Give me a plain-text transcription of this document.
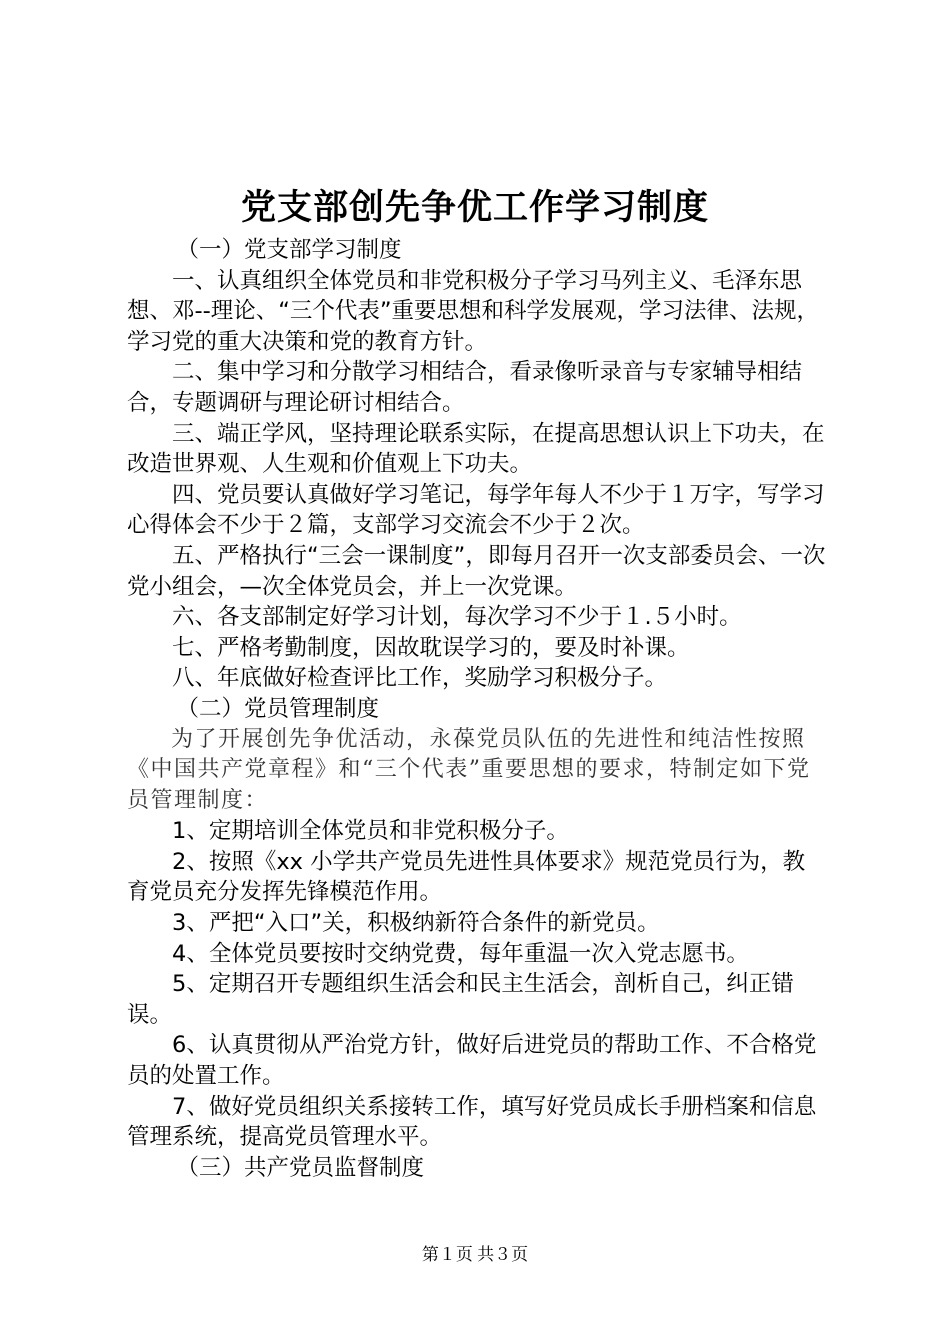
党支部创先争优工作学习制度

（一）党支部学习制度

一、认真组织全体党员和非党积极分子学习马列主义、毛泽东思想、邓--理论、“三个代表”重要思想和科学发展观，学习法律、法规，学习党的重大决策和党的教育方针。

二、集中学习和分散学习相结合，看录像听录音与专家辅导相结合，专题调研与理论研讨相结合。

三、端正学风，坚持理论联系实际，在提高思想认识上下功夫，在改造世界观、人生观和价值观上下功夫。

四、党员要认真做好学习笔记，每学年每人不少于１万字，写学习心得体会不少于２篇，支部学习交流会不少于２次。

五、严格执行“三会一课制度”，即每月召开一次支部委员会、一次党小组会，—次全体党员会，并上一次党课。

六、各支部制定好学习计划，每次学习不少于１.５小时。

七、严格考勤制度，因故耽误学习的，要及时补课。

八、年底做好检查评比工作，奖励学习积极分子。

（二）党员管理制度

为了开展创先争优活动，永葆党员队伍的先进性和纯洁性按照《中国共产党章程》和“三个代表”重要思想的要求，特制定如下党员管理制度：

1、定期培训全体党员和非党积极分子。

2、按照《xx 小学共产党员先进性具体要求》规范党员行为，教育党员充分发挥先锋模范作用。

3、严把“入口”关，积极纳新符合条件的新党员。

4、全体党员要按时交纳党费，每年重温一次入党志愿书。

5、定期召开专题组织生活会和民主生活会，剖析自己，纠正错误。

6、认真贯彻从严治党方针，做好后进党员的帮助工作、不合格党员的处置工作。

7、做好党员组织关系接转工作，填写好党员成长手册档案和信息管理系统，提高党员管理水平。

（三）共产党员监督制度

第１页 共３页
